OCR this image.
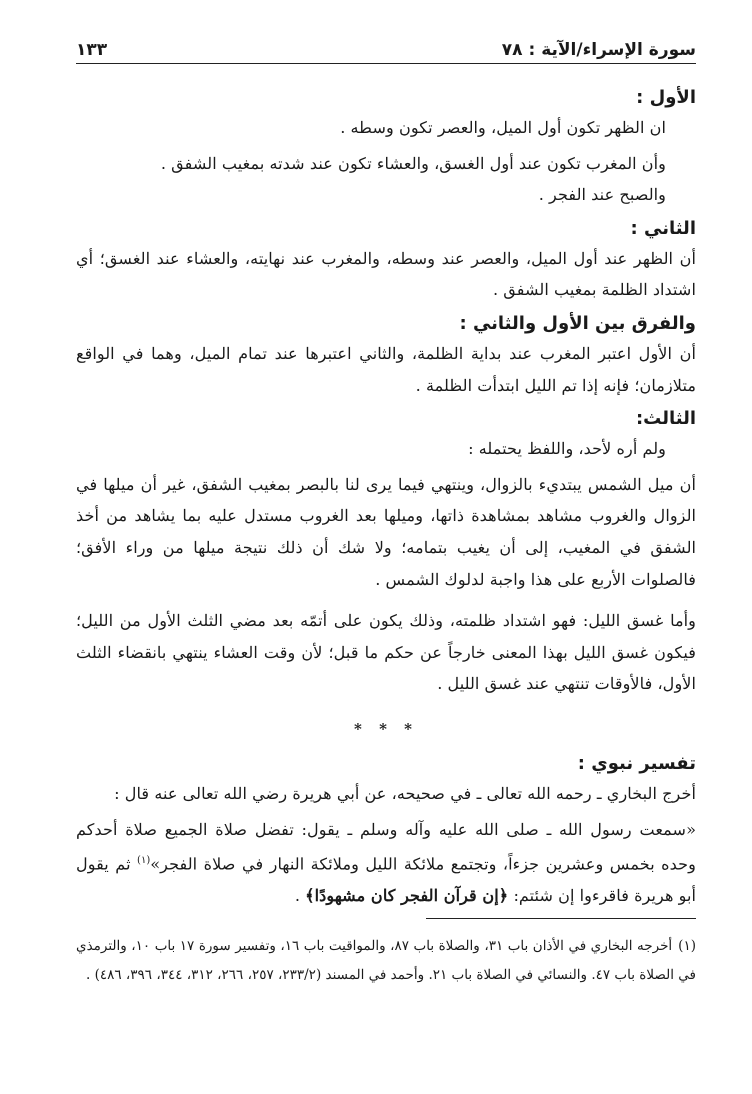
سورة الإسراء/الآية : ٧٨
١٣٣
الأول :

ان الظهر تكون أول الميل، والعصر تكون وسطه .

وأن المغرب تكون عند أول الغسق، والعشاء تكون عند شدته بمغيب الشفق .

والصبح عند الفجر .

الثاني :

أن الظهر عند أول الميل، والعصر عند وسطه، والمغرب عند نهايته، والعشاء عند الغسق؛ أي اشتداد الظلمة بمغيب الشفق .

والفرق بين الأول والثاني :

أن الأول اعتبر المغرب عند بداية الظلمة، والثاني اعتبرها عند تمام الميل، وهما في الواقع متلازمان؛ فإنه إذا تم الليل ابتدأت الظلمة .

الثالث:

ولم أره لأحد، واللفظ يحتمله :

أن ميل الشمس يبتديء بالزوال، وينتهي فيما يرى لنا بالبصر بمغيب الشفق، غير أن ميلها في الزوال والغروب مشاهد بمشاهدة ذاتها، وميلها بعد الغروب مستدل عليه بما يشاهد من أخذ الشفق في المغيب، إلى أن يغيب بتمامه؛ ولا شك أن ذلك نتيجة ميلها من وراء الأفق؛ فالصلوات الأربع على هذا واجبة لدلوك الشمس .

وأما غسق الليل: فهو اشتداد ظلمته، وذلك يكون على أتمّه بعد مضي الثلث الأول من الليل؛ فيكون غسق الليل بهذا المعنى خارجاً عن حكم ما قبل؛ لأن وقت العشاء ينتهي بانقضاء الثلث الأول، فالأوقات تنتهي عند غسق الليل .

* * *
تفسير نبوي :

أخرج البخاري ـ رحمه الله تعالى ـ في صحيحه، عن أبي هريرة رضي الله تعالى عنه قال :

«سمعت رسول الله ـ صلى الله عليه وآله وسلم ـ يقول: تفضل صلاة الجميع صلاة أحدكم وحده بخمس وعشرين جزءاً، وتجتمع ملائكة الليل وملائكة النهار في صلاة الفجر»$^{(١)}$ ثم يقول أبو هريرة فاقرءوا إن شئتم: ﴿إن قرآن الفجر كان مشهودًا﴾ .

(١)أخرجه البخاري في الأذان باب ٣١، والصلاة باب ٨٧، والمواقيت باب ١٦، وتفسير سورة ١٧ باب ١٠، والترمذي في الصلاة باب ٤٧. والنسائي في الصلاة باب ٢١. وأحمد في المسند (٢٣٣/٢، ٢٥٧، ٢٦٦، ٣١٢، ٣٤٤، ٣٩٦، ٤٨٦) .
